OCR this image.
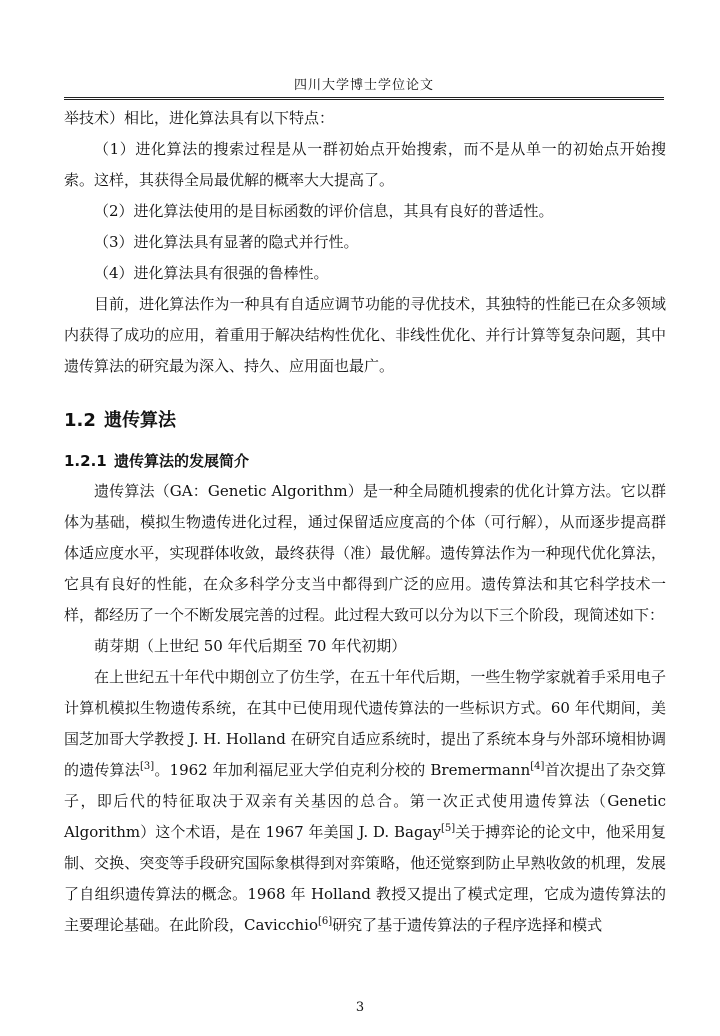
四川大学博士学位论文

举技术）相比，进化算法具有以下特点：

（1）进化算法的搜索过程是从一群初始点开始搜索，而不是从单一的初始点开始搜索。这样，其获得全局最优解的概率大大提高了。

（2）进化算法使用的是目标函数的评价信息，其具有良好的普适性。

（3）进化算法具有显著的隐式并行性。

（4）进化算法具有很强的鲁棒性。

目前，进化算法作为一种具有自适应调节功能的寻优技术，其独特的性能已在众多领域内获得了成功的应用，着重用于解决结构性优化、非线性优化、并行计算等复杂问题，其中遗传算法的研究最为深入、持久、应用面也最广。

1.2 遗传算法
1.2.1 遗传算法的发展简介

遗传算法（GA：Genetic Algorithm）是一种全局随机搜索的优化计算方法。它以群体为基础，模拟生物遗传进化过程，通过保留适应度高的个体（可行解），从而逐步提高群体适应度水平，实现群体收敛，最终获得（准）最优解。遗传算法作为一种现代优化算法，它具有良好的性能，在众多科学分支当中都得到广泛的应用。遗传算法和其它科学技术一样，都经历了一个不断发展完善的过程。此过程大致可以分为以下三个阶段，现简述如下：

萌芽期（上世纪 50 年代后期至 70 年代初期）

在上世纪五十年代中期创立了仿生学，在五十年代后期，一些生物学家就着手采用电子计算机模拟生物遗传系统，在其中已使用现代遗传算法的一些标识方式。60 年代期间，美国芝加哥大学教授 J. H. Holland 在研究自适应系统时，提出了系统本身与外部环境相协调的遗传算法[3]。1962 年加利福尼亚大学伯克利分校的 Bremermann[4]首次提出了杂交算子，即后代的特征取决于双亲有关基因的总合。第一次正式使用遗传算法（Genetic Algorithm）这个术语，是在 1967 年美国 J. D. Bagay[5]关于搏弈论的论文中，他采用复制、交换、突变等手段研究国际象棋得到对弈策略，他还觉察到防止早熟收敛的机理，发展了自组织遗传算法的概念。1968 年 Holland 教授又提出了模式定理，它成为遗传算法的主要理论基础。在此阶段，Cavicchio[6]研究了基于遗传算法的子程序选择和模式

3
